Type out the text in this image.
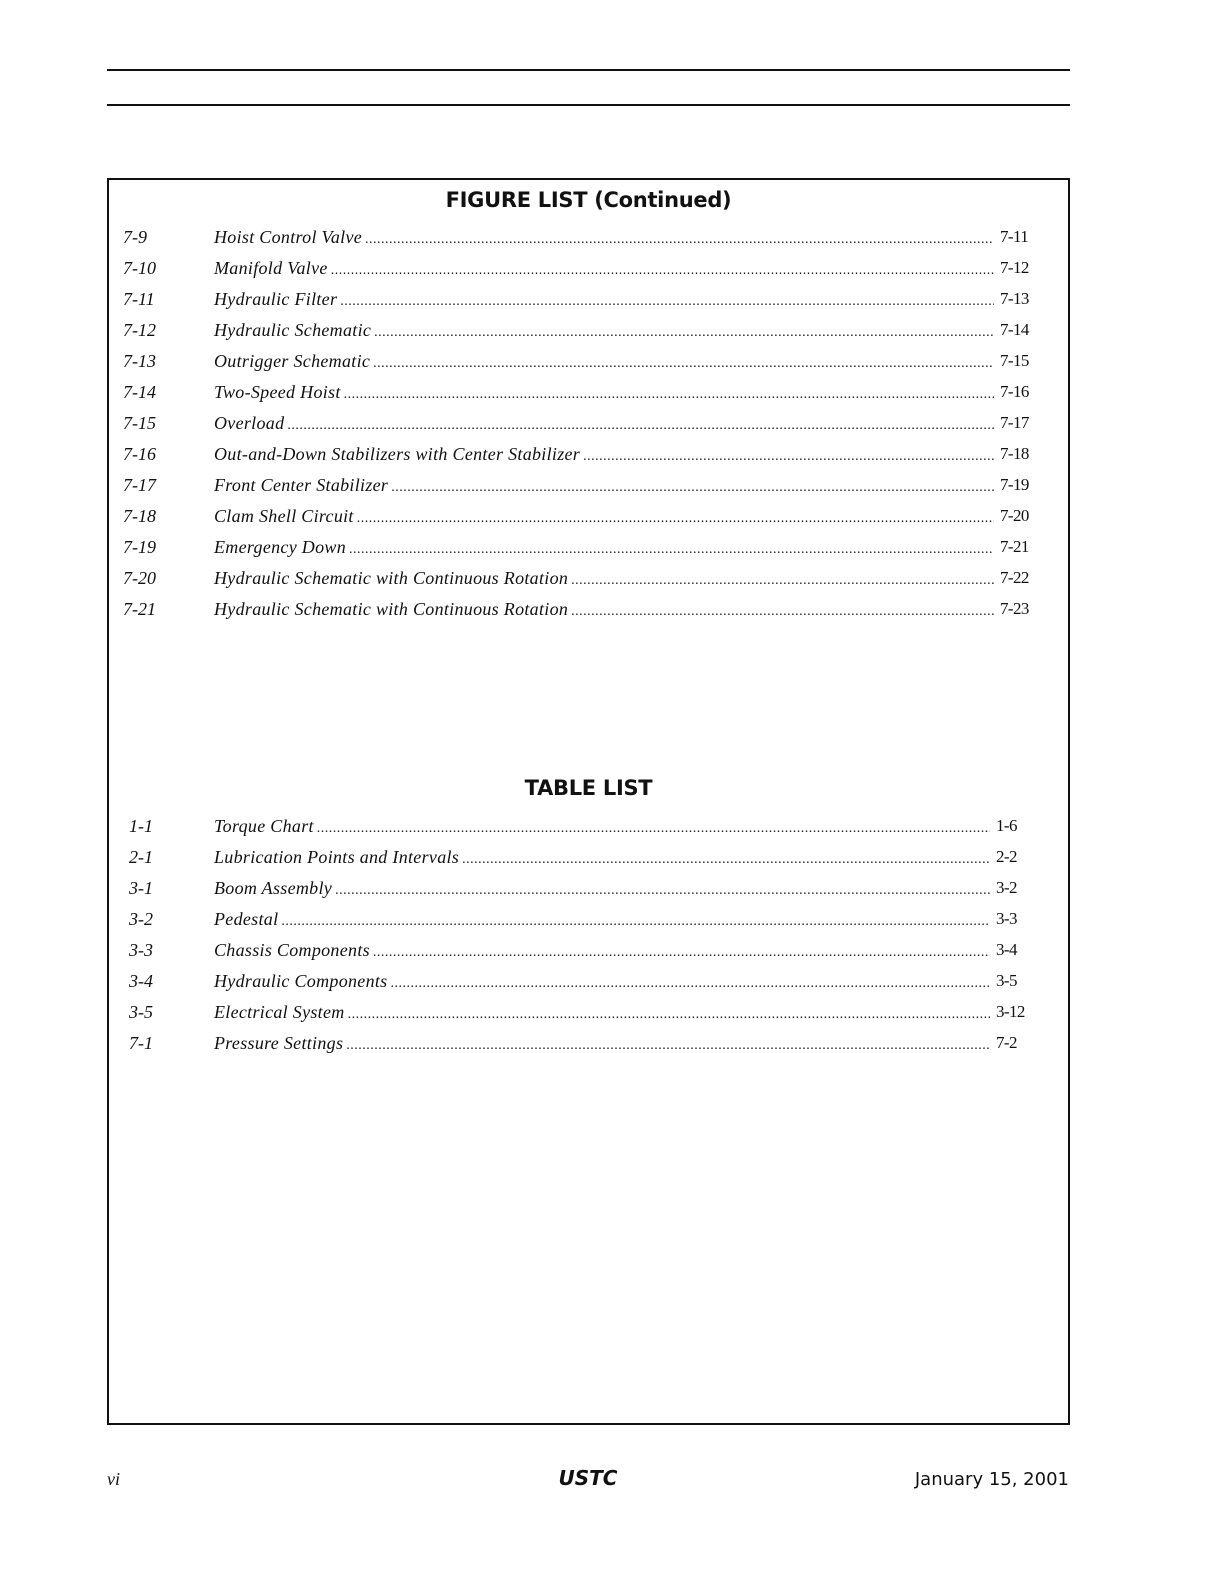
FIGURE LIST (Continued)
7-9	Hoist Control Valve .....	7-11
7-10	Manifold Valve .....	7-12
7-11	Hydraulic Filter .....	7-13
7-12	Hydraulic Schematic .....	7-14
7-13	Outrigger Schematic .....	7-15
7-14	Two-Speed Hoist .....	7-16
7-15	Overload .....	7-17
7-16	Out-and-Down Stabilizers with Center Stabilizer .....	7-18
7-17	Front Center Stabilizer .....	7-19
7-18	Clam Shell Circuit .....	7-20
7-19	Emergency Down .....	7-21
7-20	Hydraulic Schematic with Continuous Rotation .....	7-22
7-21	Hydraulic Schematic with Continuous Rotation .....	7-23
TABLE LIST
1-1	Torque Chart .....	1-6
2-1	Lubrication Points and Intervals .....	2-2
3-1	Boom Assembly .....	3-2
3-2	Pedestal .....	3-3
3-3	Chassis Components .....	3-4
3-4	Hydraulic Components .....	3-5
3-5	Electrical System .....	3-12
7-1	Pressure Settings .....	7-2
vi	USTC	January 15, 2001
